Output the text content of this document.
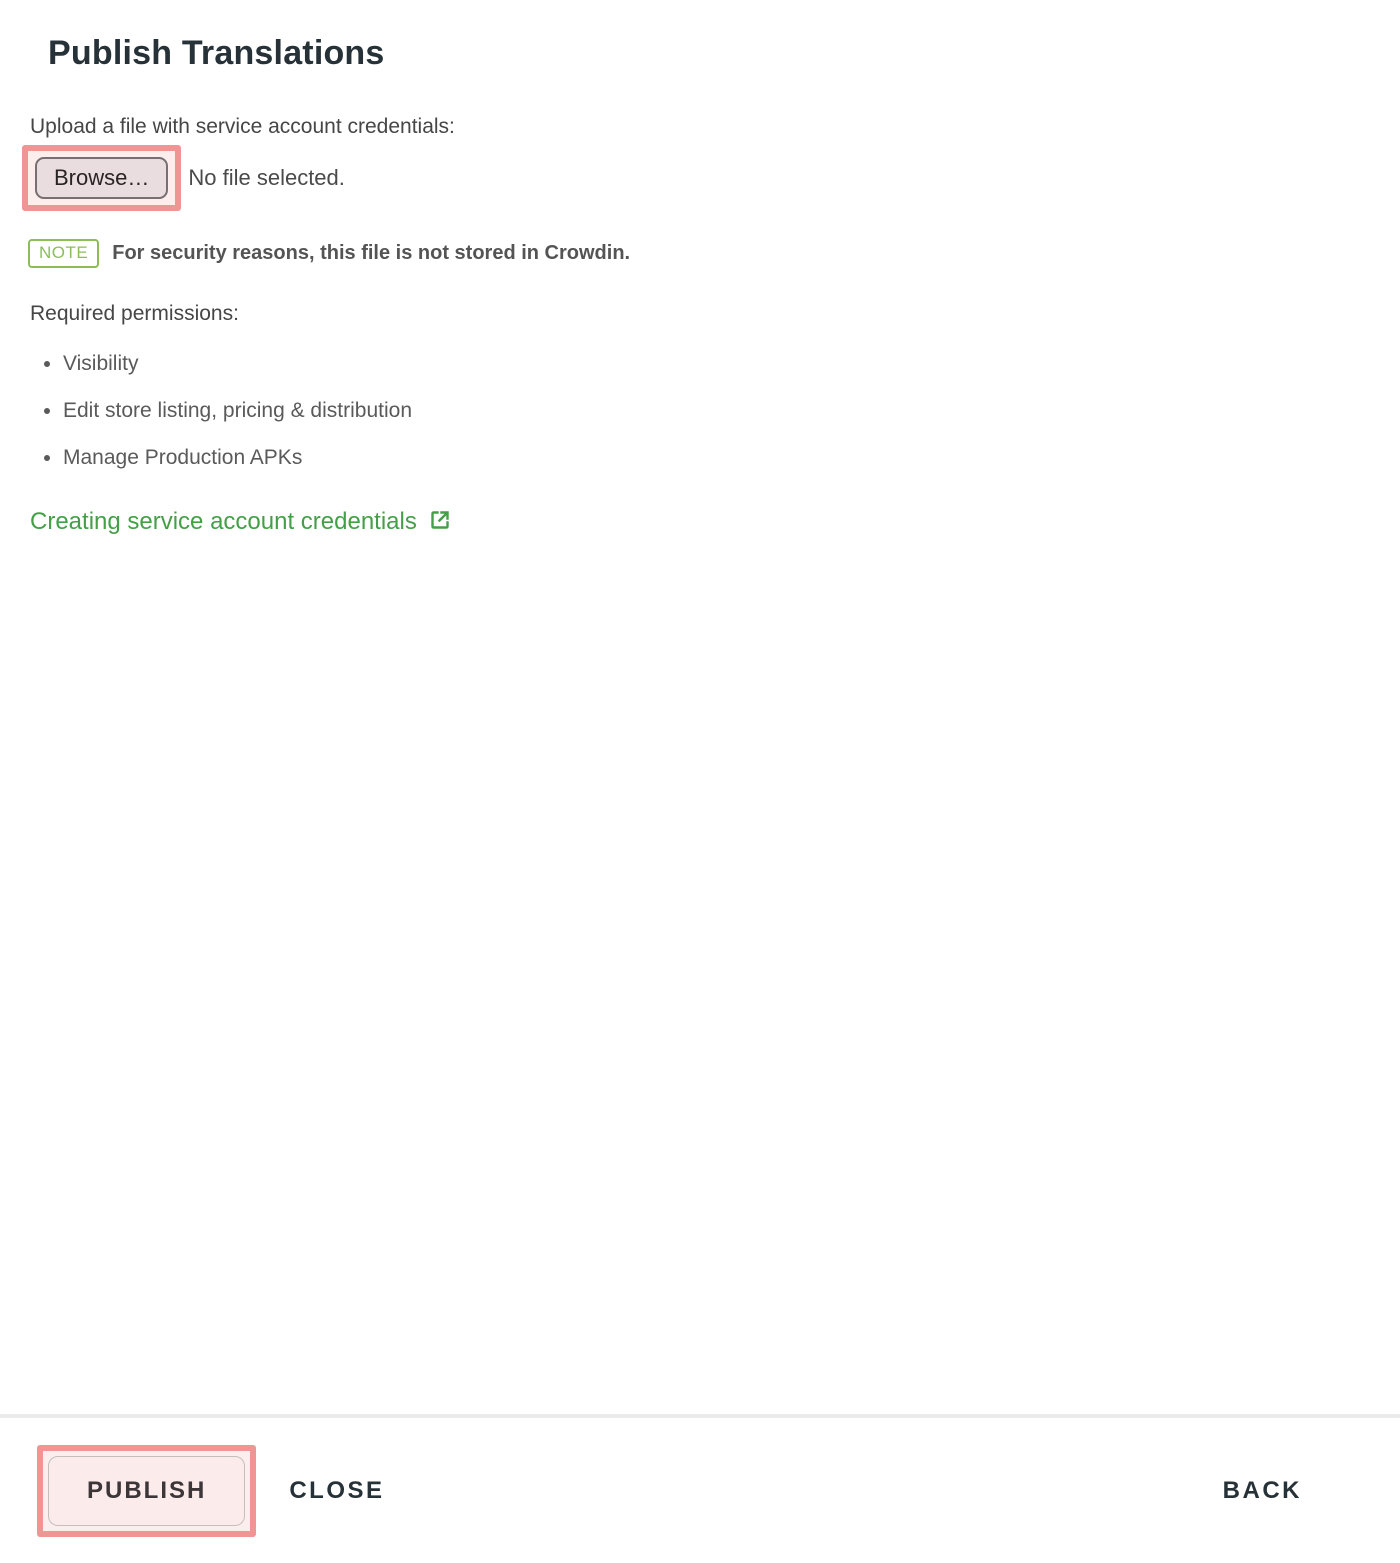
Publish Translations
Upload a file with service account credentials:
Browse…	No file selected.
NOTE	For security reasons, this file is not stored in Crowdin.
Required permissions:
• Visibility
• Edit store listing, pricing & distribution
• Manage Production APKs
Creating service account credentials
PUBLISH	CLOSE	BACK
